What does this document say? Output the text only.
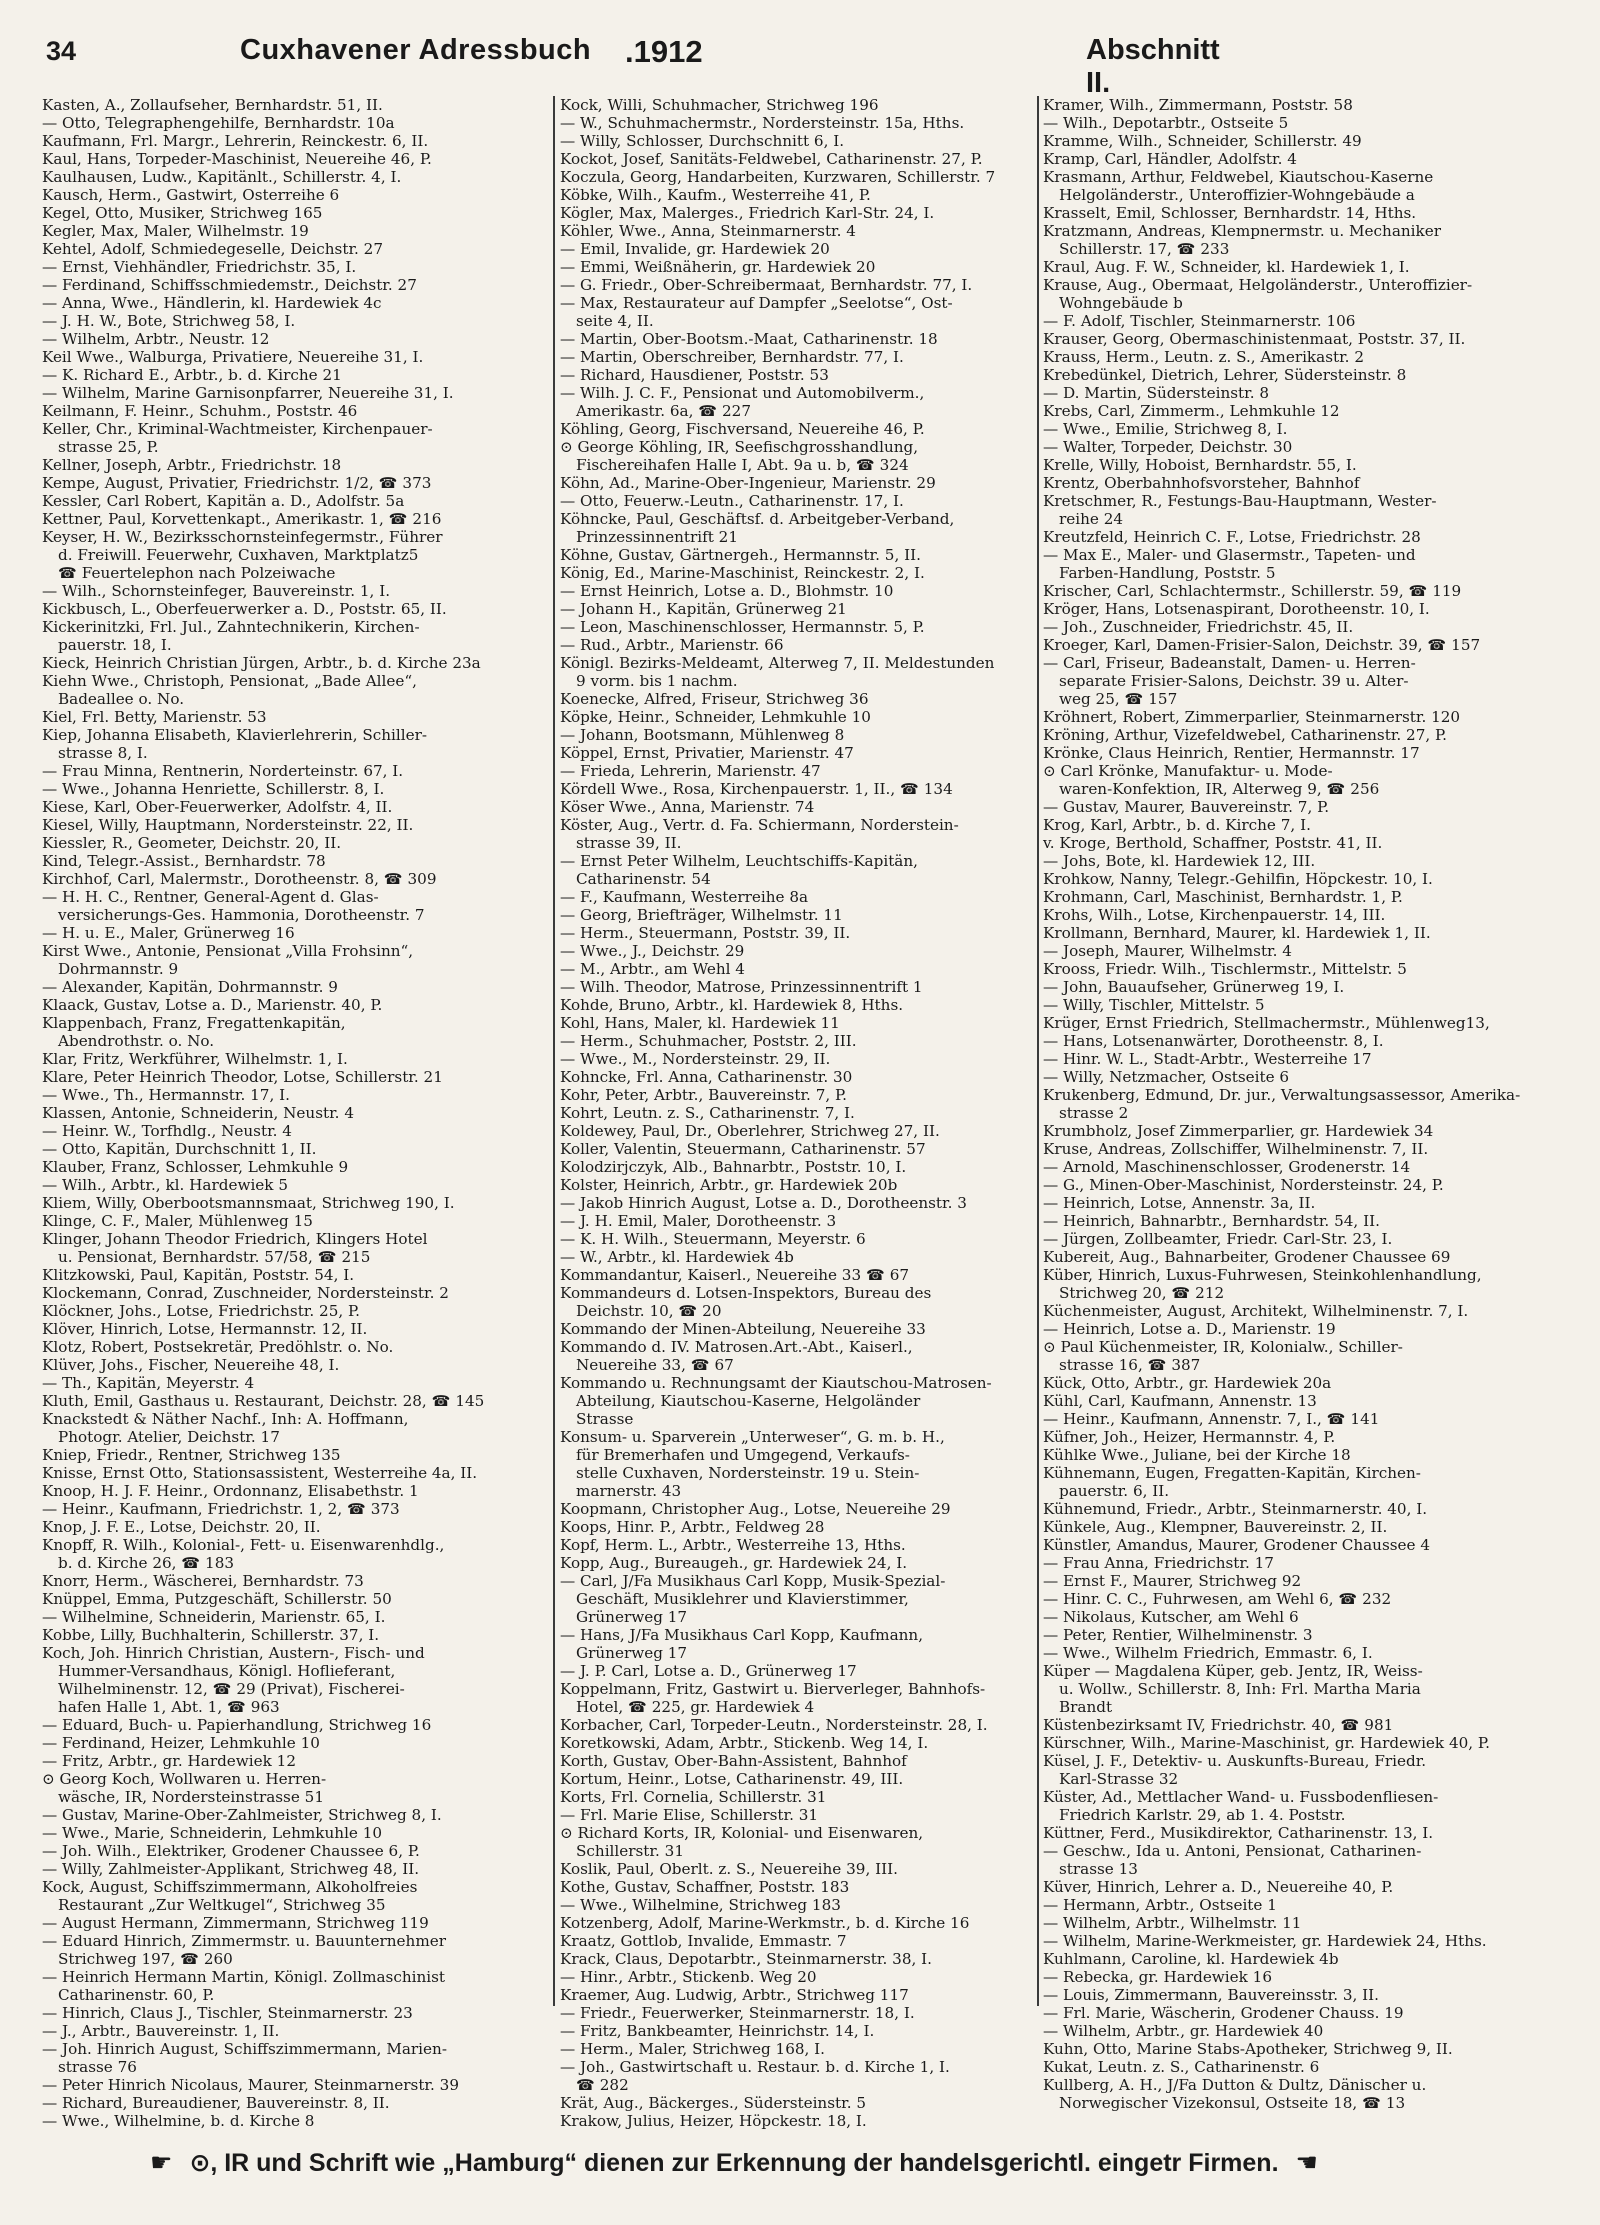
34	Cuxhavener Adressbuch .1912	Abschnitt II.
Kasten, A., Zollaufseher, Bernhardstr. 51, II.
— Otto, Telegraphengehilfe, Bernhardstr. 10a
Kaufmann, Frl. Margr., Lehrerin, Reinckestr. 6, II.
Kaul, Hans, Torpeder-Maschinist, Neuereihe 46, P.
Kaulhausen, Ludw., Kapitänlt., Schillerstr. 4, I.
Kausch, Herm., Gastwirt, Osterreihe 6
Kegel, Otto, Musiker, Strichweg 165
Kegler, Max, Maler, Wilhelmstr. 19
Kehtel, Adolf, Schmiedegeselle, Deichstr. 27
— Ernst, Viehhändler, Friedrichstr. 35, I.
— Ferdinand, Schiffsschmiedemstr., Deichstr. 27
— Anna, Wwe., Händlerin, kl. Hardewiek 4c
— J. H. W., Bote, Strichweg 58, I.
— Wilhelm, Arbtr., Neustr. 12
Keil Wwe., Walburga, Privatiere, Neuereihe 31, I.
— K. Richard E., Arbtr., b. d. Kirche 21
— Wilhelm, Marine Garnisonpfarrer, Neuereihe 31, I.
Keilmann, F. Heinr., Schuhm., Poststr. 46
Keller, Chr., Kriminal-Wachtmeister, Kirchenpauer-
strasse 25, P.
Kellner, Joseph, Arbtr., Friedrichstr. 18
Kempe, August, Privatier, Friedrichstr. 1/2, ☎ 373
Kessler, Carl Robert, Kapitän a. D., Adolfstr. 5a
Kettner, Paul, Korvettenkapt., Amerikastr. 1, ☎ 216
Keyser, H. W., Bezirksschornsteinfegermstr., Führer
d. Freiwill. Feuerwehr, Cuxhaven, Marktplatz5
☎ Feuertelephon nach Polzeiwache
— Wilh., Schornsteinfeger, Bauvereinstr. 1, I.
Kickbusch, L., Oberfeuerwerker a. D., Poststr. 65, II.
Kickerinitzki, Frl. Jul., Zahntechnikerin, Kirchen-
pauerstr. 18, I.
Kieck, Heinrich Christian Jürgen, Arbtr., b. d. Kirche 23a
Kiehn Wwe., Christoph, Pensionat, „Bade Allee“,
Badeallee o. No.
Kiel, Frl. Betty, Marienstr. 53
Kiep, Johanna Elisabeth, Klavierlehrerin, Schiller-
strasse 8, I.
— Frau Minna, Rentnerin, Norderteinstr. 67, I.
— Wwe., Johanna Henriette, Schillerstr. 8, I.
Kiese, Karl, Ober-Feuerwerker, Adolfstr. 4, II.
Kiesel, Willy, Hauptmann, Nordersteinstr. 22, II.
Kiessler, R., Geometer, Deichstr. 20, II.
Kind, Telegr.-Assist., Bernhardstr. 78
Kirchhof, Carl, Malermstr., Dorotheenstr. 8, ☎ 309
— H. H. C., Rentner, General-Agent d. Glas-
versicherungs-Ges. Hammonia, Dorotheenstr. 7
— H. u. E., Maler, Grünerweg 16
Kirst Wwe., Antonie, Pensionat „Villa Frohsinn“,
Dohrmannstr. 9
— Alexander, Kapitän, Dohrmannstr. 9
Klaack, Gustav, Lotse a. D., Marienstr. 40, P.
Klappenbach, Franz, Fregattenkapitän,
Abendrothstr. o. No.
Klar, Fritz, Werkführer, Wilhelmstr. 1, I.
Klare, Peter Heinrich Theodor, Lotse, Schillerstr. 21
— Wwe., Th., Hermannstr. 17, I.
Klassen, Antonie, Schneiderin, Neustr. 4
— Heinr. W., Torfhdlg., Neustr. 4
— Otto, Kapitän, Durchschnitt 1, II.
Klauber, Franz, Schlosser, Lehmkuhle 9
— Wilh., Arbtr., kl. Hardewiek 5
Kliem, Willy, Oberbootsmannsmaat, Strichweg 190, I.
Klinge, C. F., Maler, Mühlenweg 15
Klinger, Johann Theodor Friedrich, Klingers Hotel
u. Pensionat, Bernhardstr. 57/58, ☎ 215
Klitzkowski, Paul, Kapitän, Poststr. 54, I.
Klockemann, Conrad, Zuschneider, Nordersteinstr. 2
Klöckner, Johs., Lotse, Friedrichstr. 25, P.
Klöver, Hinrich, Lotse, Hermannstr. 12, II.
Klotz, Robert, Postsekretär, Predöhlstr. o. No.
Klüver, Johs., Fischer, Neuereihe 48, I.
— Th., Kapitän, Meyerstr. 4
Kluth, Emil, Gasthaus u. Restaurant, Deichstr. 28, ☎ 145
Knackstedt & Näther Nachf., Inh: A. Hoffmann,
Photogr. Atelier, Deichstr. 17
Kniep, Friedr., Rentner, Strichweg 135
Knisse, Ernst Otto, Stationsassistent, Westerreihe 4a, II.
Knoop, H. J. F. Heinr., Ordonnanz, Elisabethstr. 1
— Heinr., Kaufmann, Friedrichstr. 1, 2, ☎ 373
Knop, J. F. E., Lotse, Deichstr. 20, II.
Knopff, R. Wilh., Kolonial-, Fett- u. Eisenwarenhdlg.,
b. d. Kirche 26, ☎ 183
Knorr, Herm., Wäscherei, Bernhardstr. 73
Knüppel, Emma, Putzgeschäft, Schillerstr. 50
— Wilhelmine, Schneiderin, Marienstr. 65, I.
Kobbe, Lilly, Buchhalterin, Schillerstr. 37, I.
Koch, Joh. Hinrich Christian, Austern-, Fisch- und
Hummer-Versandhaus, Königl. Hoflieferant,
Wilhelminenstr. 12, ☎ 29 (Privat), Fischerei-
hafen Halle 1, Abt. 1, ☎ 963
— Eduard, Buch- u. Papierhandlung, Strichweg 16
— Ferdinand, Heizer, Lehmkuhle 10
— Fritz, Arbtr., gr. Hardewiek 12
⊙ Georg Koch, Wollwaren u. Herren-
wäsche, IR, Nordersteinstrasse 51
— Gustav, Marine-Ober-Zahlmeister, Strichweg 8, I.
— Wwe., Marie, Schneiderin, Lehmkuhle 10
— Joh. Wilh., Elektriker, Grodener Chaussee 6, P.
— Willy, Zahlmeister-Applikant, Strichweg 48, II.
Kock, August, Schiffszimmermann, Alkoholfreies
Restaurant „Zur Weltkugel“, Strichweg 35
— August Hermann, Zimmermann, Strichweg 119
— Eduard Hinrich, Zimmermstr. u. Bauunternehmer
Strichweg 197, ☎ 260
— Heinrich Hermann Martin, Königl. Zollmaschinist
Catharinenstr. 60, P.
— Hinrich, Claus J., Tischler, Steinmarnerstr. 23
— J., Arbtr., Bauvereinstr. 1, II.
— Joh. Hinrich August, Schiffszimmermann, Marien-
strasse 76
— Peter Hinrich Nicolaus, Maurer, Steinmarnerstr. 39
— Richard, Bureaudiener, Bauvereinstr. 8, II.
— Wwe., Wilhelmine, b. d. Kirche 8
Kock, Willi, Schuhmacher, Strichweg 196
— W., Schuhmachermstr., Nordersteinstr. 15a, Hths.
— Willy, Schlosser, Durchschnitt 6, I.
Kockot, Josef, Sanitäts-Feldwebel, Catharinenstr. 27, P.
Koczula, Georg, Handarbeiten, Kurzwaren, Schillerstr. 7
Köbke, Wilh., Kaufm., Westerreihe 41, P.
Kögler, Max, Malerges., Friedrich Karl-Str. 24, I.
Köhler, Wwe., Anna, Steinmarnerstr. 4
— Emil, Invalide, gr. Hardewiek 20
— Emmi, Weißnäherin, gr. Hardewiek 20
— G. Friedr., Ober-Schreibermaat, Bernhardstr. 77, I.
— Max, Restaurateur auf Dampfer „Seelotse“, Ost-
seite 4, II.
— Martin, Ober-Bootsm.-Maat, Catharinenstr. 18
— Martin, Oberschreiber, Bernhardstr. 77, I.
— Richard, Hausdiener, Poststr. 53
— Wilh. J. C. F., Pensionat und Automobilverm.,
Amerikastr. 6a, ☎ 227
Köhling, Georg, Fischversand, Neuereihe 46, P.
⊙ George Köhling, IR, Seefischgrosshandlung,
Fischereihafen Halle I, Abt. 9a u. b, ☎ 324
Köhn, Ad., Marine-Ober-Ingenieur, Marienstr. 29
— Otto, Feuerw.-Leutn., Catharinenstr. 17, I.
Köhncke, Paul, Geschäftsf. d. Arbeitgeber-Verband,
Prinzessinnentrift 21
Köhne, Gustav, Gärtnergeh., Hermannstr. 5, II.
König, Ed., Marine-Maschinist, Reinckestr. 2, I.
— Ernst Heinrich, Lotse a. D., Blohmstr. 10
— Johann H., Kapitän, Grünerweg 21
— Leon, Maschinenschlosser, Hermannstr. 5, P.
— Rud., Arbtr., Marienstr. 66
Königl. Bezirks-Meldeamt, Alterweg 7, II. Meldestunden
9 vorm. bis 1 nachm.
Koenecke, Alfred, Friseur, Strichweg 36
Köpke, Heinr., Schneider, Lehmkuhle 10
— Johann, Bootsmann, Mühlenweg 8
Köppel, Ernst, Privatier, Marienstr. 47
— Frieda, Lehrerin, Marienstr. 47
Kördell Wwe., Rosa, Kirchenpauerstr. 1, II., ☎ 134
Köser Wwe., Anna, Marienstr. 74
Köster, Aug., Vertr. d. Fa. Schiermann, Norderstein-
strasse 39, II.
— Ernst Peter Wilhelm, Leuchtschiffs-Kapitän,
Catharinenstr. 54
— F., Kaufmann, Westerreihe 8a
— Georg, Briefträger, Wilhelmstr. 11
— Herm., Steuermann, Poststr. 39, II.
— Wwe., J., Deichstr. 29
— M., Arbtr., am Wehl 4
— Wilh. Theodor, Matrose, Prinzessinnentrift 1
Kohde, Bruno, Arbtr., kl. Hardewiek 8, Hths.
Kohl, Hans, Maler, kl. Hardewiek 11
— Herm., Schuhmacher, Poststr. 2, III.
— Wwe., M., Nordersteinstr. 29, II.
Kohncke, Frl. Anna, Catharinenstr. 30
Kohr, Peter, Arbtr., Bauvereinstr. 7, P.
Kohrt, Leutn. z. S., Catharinenstr. 7, I.
Koldewey, Paul, Dr., Oberlehrer, Strichweg 27, II.
Koller, Valentin, Steuermann, Catharinenstr. 57
Kolodzirjczyk, Alb., Bahnarbtr., Poststr. 10, I.
Kolster, Heinrich, Arbtr., gr. Hardewiek 20b
— Jakob Hinrich August, Lotse a. D., Dorotheenstr. 3
— J. H. Emil, Maler, Dorotheenstr. 3
— K. H. Wilh., Steuermann, Meyerstr. 6
— W., Arbtr., kl. Hardewiek 4b
Kommandantur, Kaiserl., Neuereihe 33 ☎ 67
Kommandeurs d. Lotsen-Inspektors, Bureau des
Deichstr. 10, ☎ 20
Kommando der Minen-Abteilung, Neuereihe 33
Kommando d. IV. Matrosen.Art.-Abt., Kaiserl.,
Neuereihe 33, ☎ 67
Kommando u. Rechnungsamt der Kiautschou-Matrosen-
Abteilung, Kiautschou-Kaserne, Helgoländer
Strasse
Konsum- u. Sparverein „Unterweser“, G. m. b. H.,
für Bremerhafen und Umgegend, Verkaufs-
stelle Cuxhaven, Nordersteinstr. 19 u. Stein-
marnerstr. 43
Koopmann, Christopher Aug., Lotse, Neuereihe 29
Koops, Hinr. P., Arbtr., Feldweg 28
Kopf, Herm. L., Arbtr., Westerreihe 13, Hths.
Kopp, Aug., Bureaugeh., gr. Hardewiek 24, I.
— Carl, J/Fa Musikhaus Carl Kopp, Musik-Spezial-
Geschäft, Musiklehrer und Klavierstimmer,
Grünerweg 17
— Hans, J/Fa Musikhaus Carl Kopp, Kaufmann,
Grünerweg 17
— J. P. Carl, Lotse a. D., Grünerweg 17
Koppelmann, Fritz, Gastwirt u. Bierverleger, Bahnhofs-
Hotel, ☎ 225, gr. Hardewiek 4
Korbacher, Carl, Torpeder-Leutn., Nordersteinstr. 28, I.
Koretkowski, Adam, Arbtr., Stickenb. Weg 14, I.
Korth, Gustav, Ober-Bahn-Assistent, Bahnhof
Kortum, Heinr., Lotse, Catharinenstr. 49, III.
Korts, Frl. Cornelia, Schillerstr. 31
— Frl. Marie Elise, Schillerstr. 31
⊙ Richard Korts, IR, Kolonial- und Eisenwaren,
Schillerstr. 31
Koslik, Paul, Oberlt. z. S., Neuereihe 39, III.
Kothe, Gustav, Schaffner, Poststr. 183
— Wwe., Wilhelmine, Strichweg 183
Kotzenberg, Adolf, Marine-Werkmstr., b. d. Kirche 16
Kraatz, Gottlob, Invalide, Emmastr. 7
Krack, Claus, Depotarbtr., Steinmarnerstr. 38, I.
— Hinr., Arbtr., Stickenb. Weg 20
Kraemer, Aug. Ludwig, Arbtr., Strichweg 117
— Friedr., Feuerwerker, Steinmarnerstr. 18, I.
— Fritz, Bankbeamter, Heinrichstr. 14, I.
— Herm., Maler, Strichweg 168, I.
— Joh., Gastwirtschaft u. Restaur. b. d. Kirche 1, I.
☎ 282
Krät, Aug., Bäckerges., Südersteinstr. 5
Krakow, Julius, Heizer, Höpckestr. 18, I.
Kramer, Wilh., Zimmermann, Poststr. 58
— Wilh., Depotarbtr., Ostseite 5
Kramme, Wilh., Schneider, Schillerstr. 49
Kramp, Carl, Händler, Adolfstr. 4
Krasmann, Arthur, Feldwebel, Kiautschou-Kaserne
Helgoländerstr., Unteroffizier-Wohngebäude a
Krasselt, Emil, Schlosser, Bernhardstr. 14, Hths.
Kratzmann, Andreas, Klempnermstr. u. Mechaniker
Schillerstr. 17, ☎ 233
Kraul, Aug. F. W., Schneider, kl. Hardewiek 1, I.
Krause, Aug., Obermaat, Helgoländerstr., Unteroffizier-
Wohngebäude b
— F. Adolf, Tischler, Steinmarnerstr. 106
Krauser, Georg, Obermaschinistenmaat, Poststr. 37, II.
Krauss, Herm., Leutn. z. S., Amerikastr. 2
Krebedünkel, Dietrich, Lehrer, Südersteinstr. 8
— D. Martin, Südersteinstr. 8
Krebs, Carl, Zimmerm., Lehmkuhle 12
— Wwe., Emilie, Strichweg 8, I.
— Walter, Torpeder, Deichstr. 30
Krelle, Willy, Hoboist, Bernhardstr. 55, I.
Krentz, Oberbahnhofsvorsteher, Bahnhof
Kretschmer, R., Festungs-Bau-Hauptmann, Wester-
reihe 24
Kreutzfeld, Heinrich C. F., Lotse, Friedrichstr. 28
— Max E., Maler- und Glasermstr., Tapeten- und
Farben-Handlung, Poststr. 5
Krischer, Carl, Schlachtermstr., Schillerstr. 59, ☎ 119
Kröger, Hans, Lotsenaspirant, Dorotheenstr. 10, I.
— Joh., Zuschneider, Friedrichstr. 45, II.
Kroeger, Karl, Damen-Frisier-Salon, Deichstr. 39, ☎ 157
— Carl, Friseur, Badeanstalt, Damen- u. Herren-
separate Frisier-Salons, Deichstr. 39 u. Alter-
weg 25, ☎ 157
Kröhnert, Robert, Zimmerparlier, Steinmarnerstr. 120
Kröning, Arthur, Vizefeldwebel, Catharinenstr. 27, P.
Krönke, Claus Heinrich, Rentier, Hermannstr. 17
⊙ Carl Krönke, Manufaktur- u. Mode-
waren-Konfektion, IR, Alterweg 9, ☎ 256
— Gustav, Maurer, Bauvereinstr. 7, P.
Krog, Karl, Arbtr., b. d. Kirche 7, I.
v. Kroge, Berthold, Schaffner, Poststr. 41, II.
— Johs, Bote, kl. Hardewiek 12, III.
Krohkow, Nanny, Telegr.-Gehilfin, Höpckestr. 10, I.
Krohmann, Carl, Maschinist, Bernhardstr. 1, P.
Krohs, Wilh., Lotse, Kirchenpauerstr. 14, III.
Krollmann, Bernhard, Maurer, kl. Hardewiek 1, II.
— Joseph, Maurer, Wilhelmstr. 4
Krooss, Friedr. Wilh., Tischlermstr., Mittelstr. 5
— John, Bauaufseher, Grünerweg 19, I.
— Willy, Tischler, Mittelstr. 5
Krüger, Ernst Friedrich, Stellmachermstr., Mühlenweg13,
— Hans, Lotsenanwärter, Dorotheenstr. 8, I.
— Hinr. W. L., Stadt-Arbtr., Westerreihe 17
— Willy, Netzmacher, Ostseite 6
Krukenberg, Edmund, Dr. jur., Verwaltungsassessor, Amerika-
strasse 2
Krumbholz, Josef Zimmerparlier, gr. Hardewiek 34
Kruse, Andreas, Zollschiffer, Wilhelminenstr. 7, II.
— Arnold, Maschinenschlosser, Grodenerstr. 14
— G., Minen-Ober-Maschinist, Nordersteinstr. 24, P.
— Heinrich, Lotse, Annenstr. 3a, II.
— Heinrich, Bahnarbtr., Bernhardstr. 54, II.
— Jürgen, Zollbeamter, Friedr. Carl-Str. 23, I.
Kubereit, Aug., Bahnarbeiter, Grodener Chaussee 69
Küber, Hinrich, Luxus-Fuhrwesen, Steinkohlenhandlung,
Strichweg 20, ☎ 212
Küchenmeister, August, Architekt, Wilhelminenstr. 7, I.
— Heinrich, Lotse a. D., Marienstr. 19
⊙ Paul Küchenmeister, IR, Kolonialw., Schiller-
strasse 16, ☎ 387
Kück, Otto, Arbtr., gr. Hardewiek 20a
Kühl, Carl, Kaufmann, Annenstr. 13
— Heinr., Kaufmann, Annenstr. 7, I., ☎ 141
Küfner, Joh., Heizer, Hermannstr. 4, P.
Kühlke Wwe., Juliane, bei der Kirche 18
Kühnemann, Eugen, Fregatten-Kapitän, Kirchen-
pauerstr. 6, II.
Kühnemund, Friedr., Arbtr., Steinmarnerstr. 40, I.
Künkele, Aug., Klempner, Bauvereinstr. 2, II.
Künstler, Amandus, Maurer, Grodener Chaussee 4
— Frau Anna, Friedrichstr. 17
— Ernst F., Maurer, Strichweg 92
— Hinr. C. C., Fuhrwesen, am Wehl 6, ☎ 232
— Nikolaus, Kutscher, am Wehl 6
— Peter, Rentier, Wilhelminenstr. 3
— Wwe., Wilhelm Friedrich, Emmastr. 6, I.
Küper — Magdalena Küper, geb. Jentz, IR, Weiss-
u. Wollw., Schillerstr. 8, Inh: Frl. Martha Maria
Brandt
Küstenbezirksamt IV, Friedrichstr. 40, ☎ 981
Kürschner, Wilh., Marine-Maschinist, gr. Hardewiek 40, P.
Küsel, J. F., Detektiv- u. Auskunfts-Bureau, Friedr.
Karl-Strasse 32
Küster, Ad., Mettlacher Wand- u. Fussbodenfliesen-
Friedrich Karlstr. 29, ab 1. 4. Poststr.
Küttner, Ferd., Musikdirektor, Catharinenstr. 13, I.
— Geschw., Ida u. Antoni, Pensionat, Catharinen-
strasse 13
Küver, Hinrich, Lehrer a. D., Neuereihe 40, P.
— Hermann, Arbtr., Ostseite 1
— Wilhelm, Arbtr., Wilhelmstr. 11
— Wilhelm, Marine-Werkmeister, gr. Hardewiek 24, Hths.
Kuhlmann, Caroline, kl. Hardewiek 4b
— Rebecka, gr. Hardewiek 16
— Louis, Zimmermann, Bauvereinsstr. 3, II.
— Frl. Marie, Wäscherin, Grodener Chauss. 19
— Wilhelm, Arbtr., gr. Hardewiek 40
Kuhn, Otto, Marine Stabs-Apotheker, Strichweg 9, II.
Kukat, Leutn. z. S., Catharinenstr. 6
Kullberg, A. H., J/Fa Dutton & Dultz, Dänischer u.
Norwegischer Vizekonsul, Ostseite 18, ☎ 13
☛ ⊙, IR und Schrift wie „Hamburg“ dienen zur Erkennung der handelsgerichtl. eingetr Firmen. ☚
